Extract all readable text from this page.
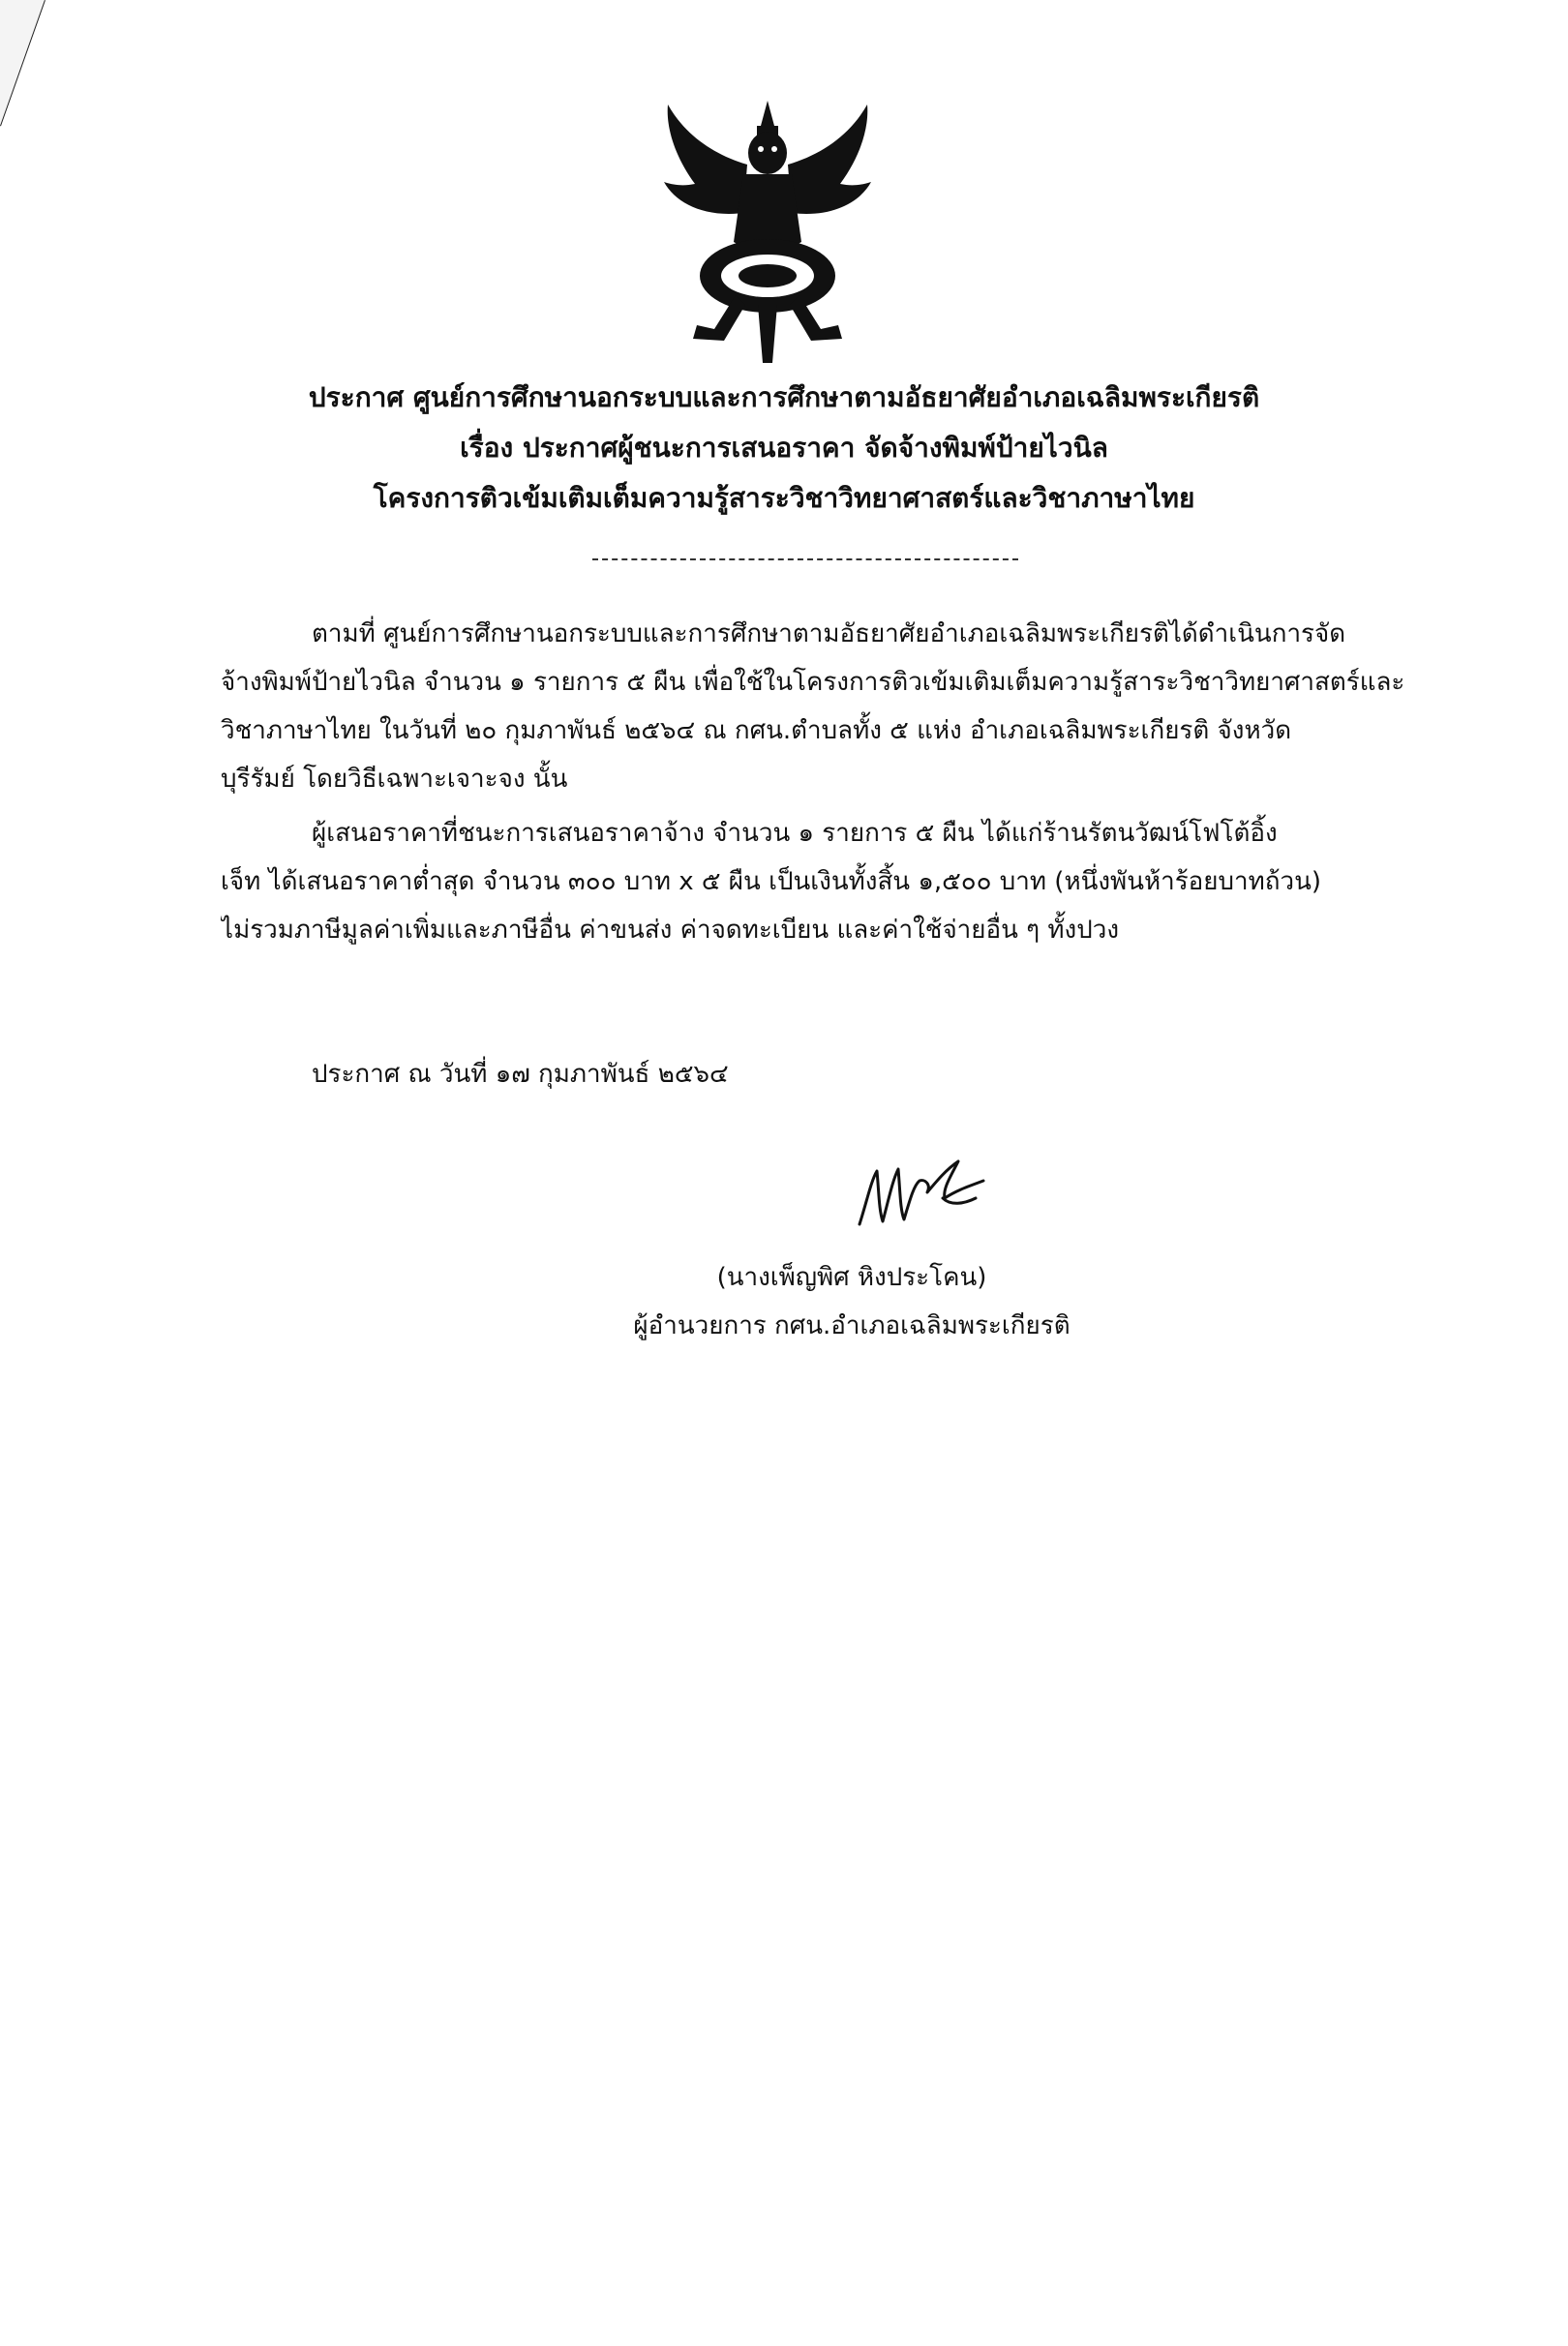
ประกาศ ศูนย์การศึกษานอกระบบและการศึกษาตามอัธยาศัยอำเภอเฉลิมพระเกียรติ
เรื่อง ประกาศผู้ชนะการเสนอราคา จัดจ้างพิมพ์ป้ายไวนิล
โครงการติวเข้มเติมเต็มความรู้สาระวิชาวิทยาศาสตร์และวิชาภาษาไทย
ตามที่ ศูนย์การศึกษานอกระบบและการศึกษาตามอัธยาศัยอำเภอเฉลิมพระเกียรติได้ดำเนินการจัด
จ้างพิมพ์ป้ายไวนิล จำนวน ๑ รายการ ๕ ผืน เพื่อใช้ในโครงการติวเข้มเติมเต็มความรู้สาระวิชาวิทยาศาสตร์และ
วิชาภาษาไทย ในวันที่ ๒๐ กุมภาพันธ์ ๒๕๖๔ ณ กศน.ตำบลทั้ง ๕ แห่ง อำเภอเฉลิมพระเกียรติ จังหวัด
บุรีรัมย์ โดยวิธีเฉพาะเจาะจง นั้น
ผู้เสนอราคาที่ชนะการเสนอราคาจ้าง จำนวน ๑ รายการ ๕ ผืน ได้แก่ร้านรัตนวัฒน์โฟโต้อิ้ง
เจ็ท ได้เสนอราคาต่ำสุด จำนวน ๓๐๐ บาท x ๕ ผืน เป็นเงินทั้งสิ้น ๑,๕๐๐ บาท (หนึ่งพันห้าร้อยบาทถ้วน)
ไม่รวมภาษีมูลค่าเพิ่มและภาษีอื่น ค่าขนส่ง ค่าจดทะเบียน และค่าใช้จ่ายอื่น ๆ ทั้งปวง
ประกาศ ณ วันที่ ๑๗ กุมภาพันธ์ ๒๕๖๔
(นางเพ็ญพิศ หิงประโคน)
ผู้อำนวยการ กศน.อำเภอเฉลิมพระเกียรติ
